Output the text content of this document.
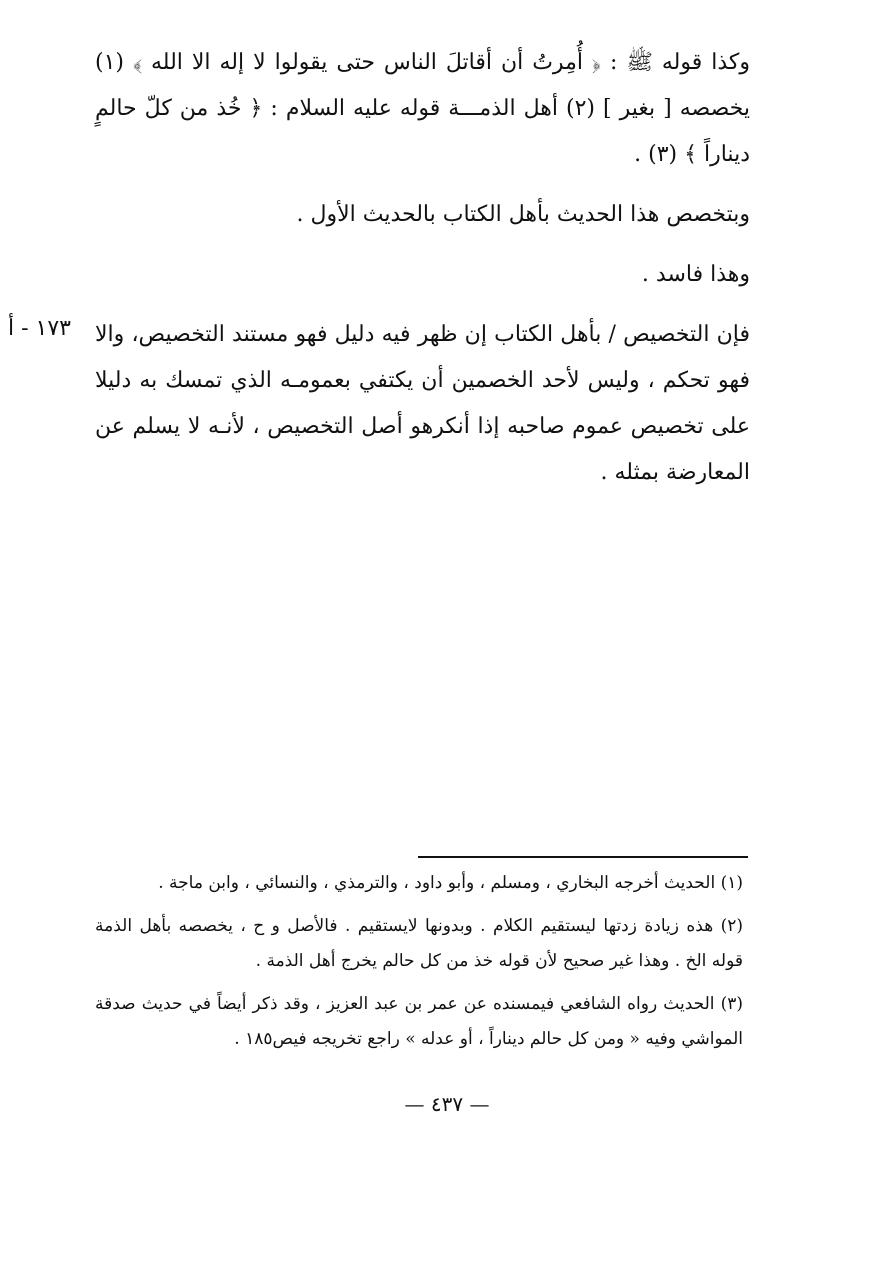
وكذا قوله ﷺ : ﴿ أُمِرتُ أن أقاتلَ الناس حتى يقولوا لا إله الا الله ﴾ (١) يخصصه [ بغير ] (٢) أهل الذمـــة قوله عليه السلام : ﴿ خُذ من كلّ حالمٍ ديناراً ﴾ (٣) .

وبتخصص هذا الحديث بأهل الكتاب بالحديث الأول .

وهذا فاسد .

فإن التخصيص / بأهل الكتاب إن ظهر فيه دليل فهو مستند التخصيص، والا فهو تحكم ، وليس لأحد الخصمين أن يكتفي بعمومـه الذي تمسك به دليلا على تخصيص عموم صاحبه إذا أنكرهو أصل التخصيص ، لأنـه لا يسلم عن المعارضة بمثله .

١٧٣ - أ

(١) الحديث أخرجه البخاري ، ومسلم ، وأبو داود ، والترمذي ، والنسائي ، وابن ماجة .

(٢) هذه زيادة زدتها ليستقيم الكلام . وبدونها لايستقيم . فالأصل و ح ، يخصصه بأهل الذمة قوله الخ . وهذا غير صحيح لأن قوله خذ من كل حالم يخرج أهل الذمة .

(٣) الحديث رواه الشافعي فيمسنده عن عمر بن عبد العزيز ، وقد ذكر أيضاً في حديث صدقة المواشي وفيه « ومن كل حالم ديناراً ، أو عدله » راجع تخريجه فيص١٨٥ .

— ٤٣٧ —
